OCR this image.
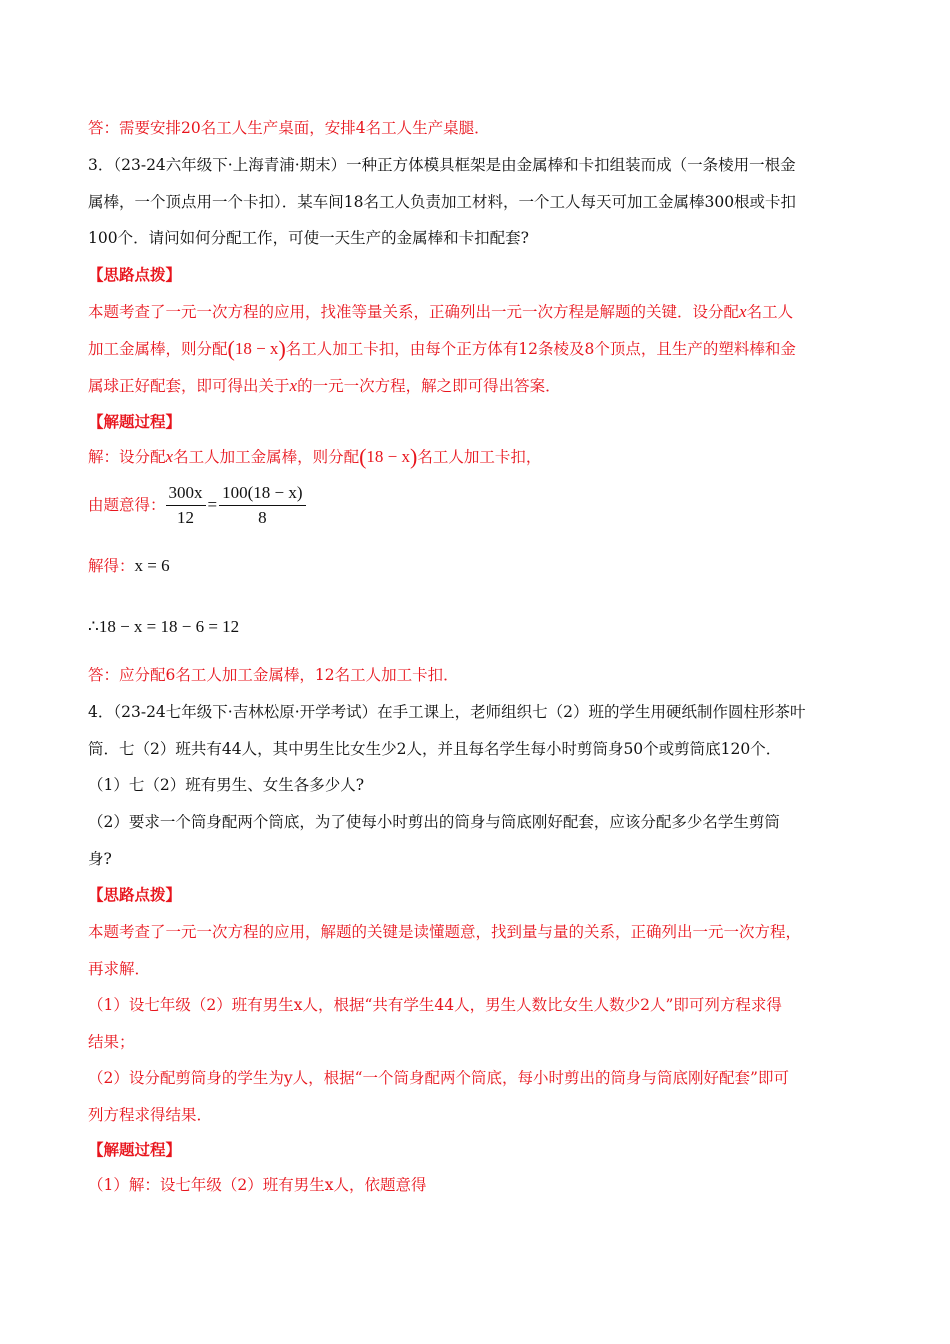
答：需要安排20名工人生产桌面，安排4名工人生产桌腿．
3．（23-24六年级下·上海青浦·期末）一种正方体模具框架是由金属棒和卡扣组装而成（一条棱用一根金
属棒，一个顶点用一个卡扣）．某车间18名工人负责加工材料，一个工人每天可加工金属棒300根或卡扣
100个．请问如何分配工作，可使一天生产的金属棒和卡扣配套?
【思路点拨】
本题考查了一元一次方程的应用，找准等量关系，正确列出一元一次方程是解题的关键．设分配x名工人
加工金属棒，则分配(18 − x)名工人加工卡扣，由每个正方体有12条棱及8个顶点，且生产的塑料棒和金
属球正好配套，即可得出关于x的一元一次方程，解之即可得出答案．
【解题过程】
解：设分配x名工人加工金属棒，则分配(18 − x)名工人加工卡扣，
由题意得： $\frac{300x}{12} = \frac{100(18 - x)}{8}$
解得：x = 6
∴18 − x = 18 − 6 = 12
答：应分配6名工人加工金属棒，12名工人加工卡扣．
4．（23-24七年级下·吉林松原·开学考试）在手工课上，老师组织七（2）班的学生用硬纸制作圆柱形茶叶
筒．七（2）班共有44人，其中男生比女生少2人，并且每名学生每小时剪筒身50个或剪筒底120个．
（1）七（2）班有男生、女生各多少人?
（2）要求一个筒身配两个筒底，为了使每小时剪出的筒身与筒底刚好配套，应该分配多少名学生剪筒
身?
【思路点拨】
本题考查了一元一次方程的应用，解题的关键是读懂题意，找到量与量的关系，正确列出一元一次方程，
再求解．
（1）设七年级（2）班有男生x人，根据“共有学生44人，男生人数比女生人数少2人”即可列方程求得
结果；
（2）设分配剪筒身的学生为y人，根据“一个筒身配两个筒底，每小时剪出的筒身与筒底刚好配套”即可
列方程求得结果．
【解题过程】
（1）解：设七年级（2）班有男生x人，依题意得
